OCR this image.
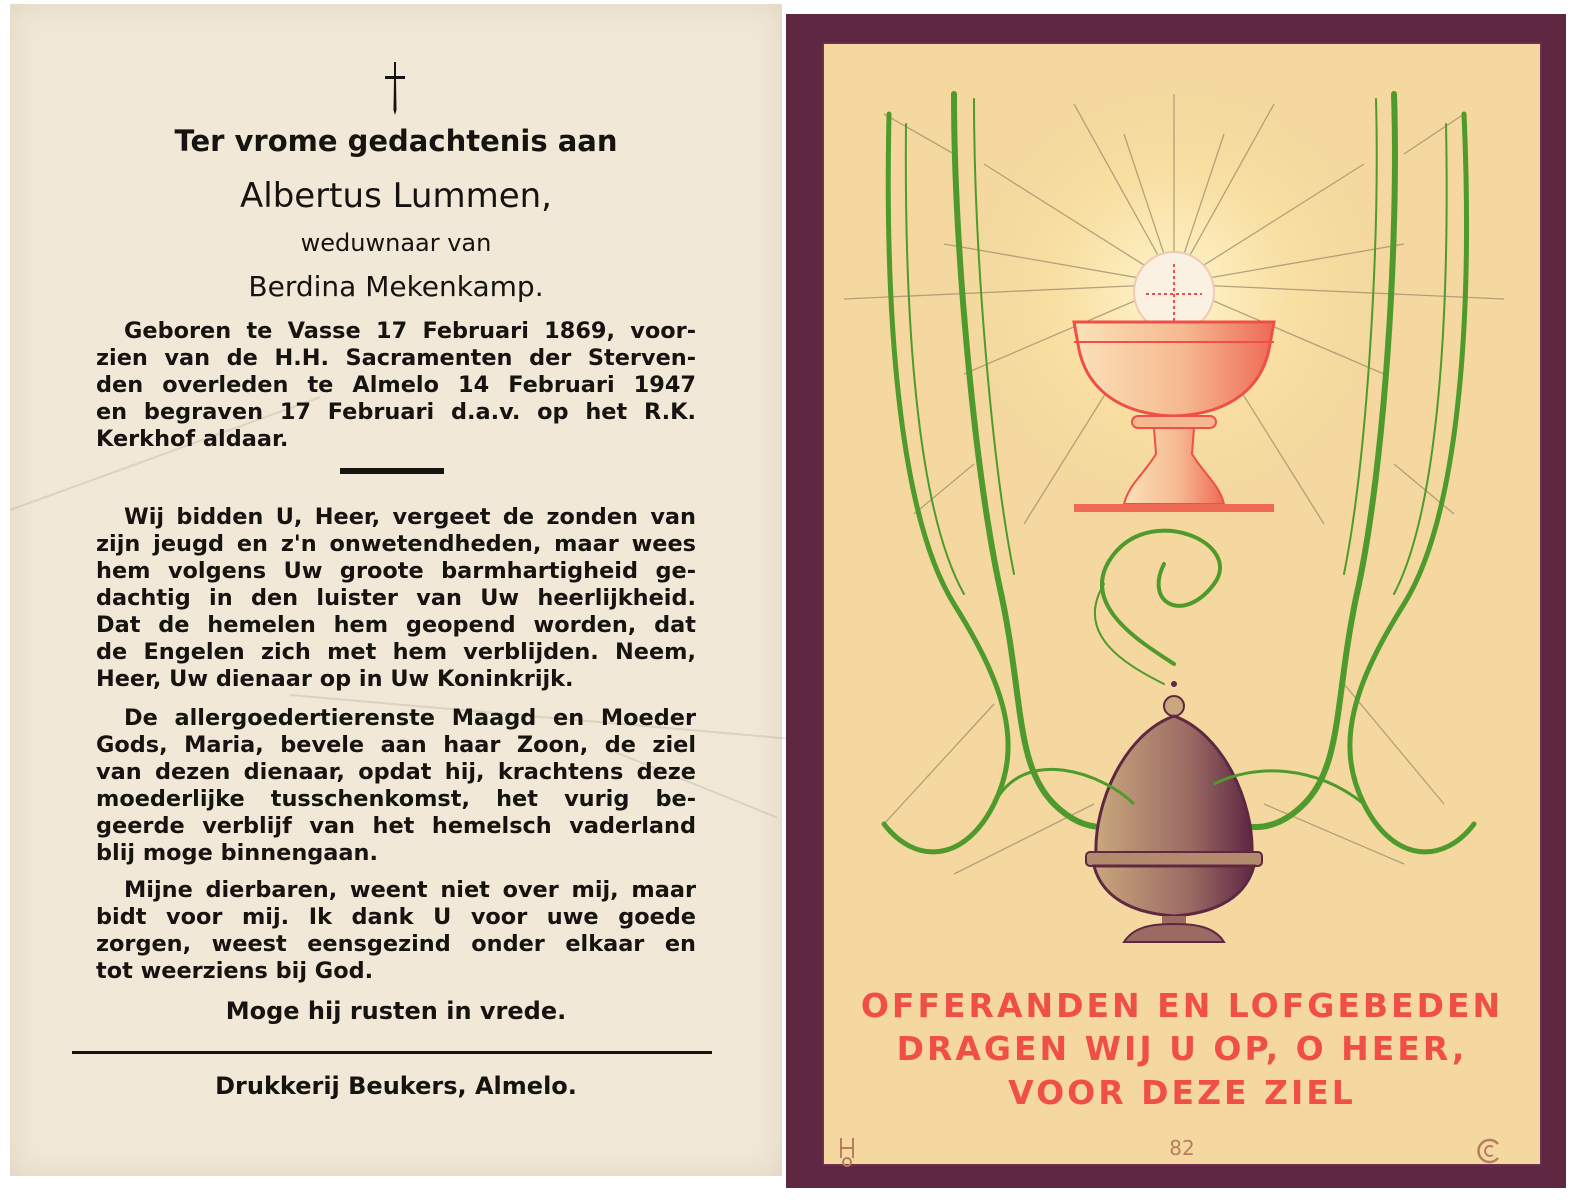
Ter vrome gedachtenis aan

Albertus Lummen,

weduwnaar van

Berdina Mekenkamp.

Geboren te Vasse 17 Februari 1869, voor-
zien van de H.H. Sacramenten der Sterven-
den overleden te Almelo 14 Februari 1947
en begraven 17 Februari d.a.v. op het R.K.
Kerkhof aldaar.
Wij bidden U, Heer, vergeet de zonden van
zijn jeugd en z'n onwetendheden, maar wees
hem volgens Uw groote barmhartigheid ge-
dachtig in den luister van Uw heerlijkheid.
Dat de hemelen hem geopend worden, dat
de Engelen zich met hem verblijden. Neem,
Heer, Uw dienaar op in Uw Koninkrijk.
De allergoedertierenste Maagd en Moeder
Gods, Maria, bevele aan haar Zoon, de ziel
van dezen dienaar, opdat hij, krachtens deze
moederlijke tusschenkomst, het vurig be-
geerde verblijf van het hemelsch vaderland
blij moge binnengaan.
Mijne dierbaren, weent niet over mij, maar
bidt voor mij. Ik dank U voor uwe goede
zorgen, weest eensgezind onder elkaar en
tot weerziens bij God.

Moge hij rusten in vrede.

Drukkerij Beukers, Almelo.

OFFERANDEN EN LOFGEBEDEN

DRAGEN WIJ U OP, O HEER,

VOOR DEZE ZIEL

82
